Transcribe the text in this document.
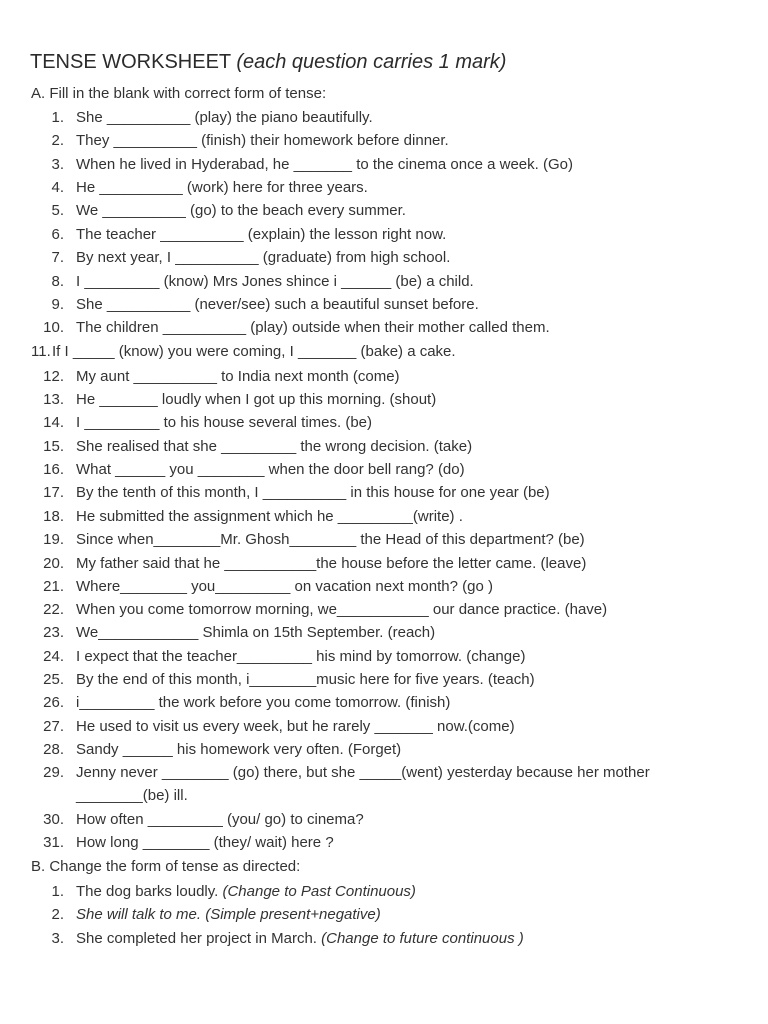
TENSE WORKSHEET (each question carries 1 mark)
A. Fill in the blank with correct form of tense:
1. She __________ (play) the piano beautifully.
2. They __________ (finish) their homework before dinner.
3. When he lived in Hyderabad, he _______ to the cinema once a week. (Go)
4. He __________ (work) here for three years.
5. We __________ (go) to the beach every summer.
6. The teacher __________ (explain) the lesson right now.
7. By next year, I __________ (graduate) from high school.
8. I _________ (know) Mrs Jones shince i ______ (be) a child.
9. She __________ (never/see) such a beautiful sunset before.
10. The children __________ (play) outside when their mother called them.
11. If I _____ (know) you were coming, I _______ (bake) a cake.
12. My aunt __________ to India next month (come)
13. He _______ loudly when I got up this morning. (shout)
14. I _________ to his house several times. (be)
15. She realised that she _________ the wrong decision. (take)
16. What ______ you ________ when the door bell rang? (do)
17. By the tenth of this month, I __________ in this house for one year (be)
18. He submitted the assignment which he _________(write) .
19. Since when________Mr. Ghosh________ the Head of this department? (be)
20. My father said that he ___________the house before the letter came. (leave)
21. Where________ you_________ on vacation next month? (go )
22. When you come tomorrow morning, we___________ our dance practice. (have)
23. We____________ Shimla on 15th September. (reach)
24. I expect that the teacher_________ his mind by tomorrow. (change)
25. By the end of this month, i________music here for five years. (teach)
26. i_________ the work before you come tomorrow. (finish)
27. He used to visit us every week, but he rarely _______ now.(come)
28. Sandy ______ his homework very often. (Forget)
29. Jenny never ________ (go) there, but she _____(went) yesterday because her mother
________(be) ill.
30. How often _________ (you/ go) to cinema?
31. How long ________ (they/ wait) here ?
B. Change the form of tense as directed:
1. The dog barks loudly. (Change to Past Continuous)
2. She will talk to me. (Simple present+negative)
3. She completed her project in March. (Change to future continuous )
